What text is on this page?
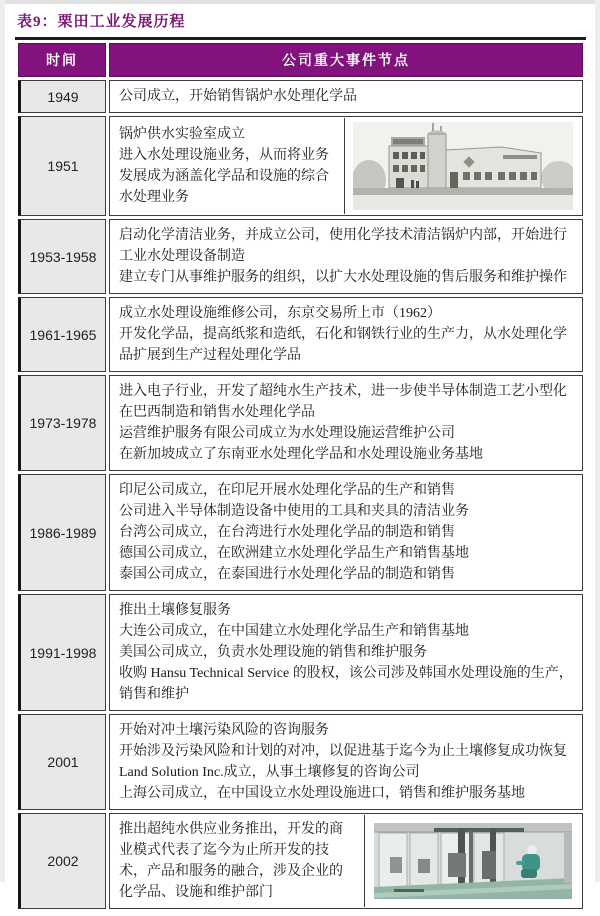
表9：栗田工业发展历程
时间	公司重大事件节点
1949	公司成立，开始销售锅炉水处理化学品

1951	锅炉供水实验室成立
进入水处理设施业务，从而将业务发展成为涵盖化学品和设施的综合水处理业务

1953-1958	启动化学清洁业务，并成立公司，使用化学技术清洁锅炉内部，开始进行工业水处理设备制造
建立专门从事维护服务的组织，以扩大水处理设施的售后服务和维护操作

1961-1965	成立水处理设施维修公司，东京交易所上市（1962）
开发化学品，提高纸浆和造纸，石化和钢铁行业的生产力，从水处理化学品扩展到生产过程处理化学品

1973-1978	进入电子行业，开发了超纯水生产技术，进一步使半导体制造工艺小型化
在巴西制造和销售水处理化学品
运营维护服务有限公司成立为水处理设施运营维护公司
在新加坡成立了东南亚水处理化学品和水处理设施业务基地

1986-1989	印尼公司成立，在印尼开展水处理化学品的生产和销售
公司进入半导体制造设备中使用的工具和夹具的清洁业务
台湾公司成立，在台湾进行水处理化学品的制造和销售
德国公司成立，在欧洲建立水处理化学品生产和销售基地
泰国公司成立，在泰国进行水处理化学品的制造和销售

1991-1998	推出土壤修复服务
大连公司成立，在中国建立水处理化学品生产和销售基地
美国公司成立，负责水处理设施的销售和维护服务
收购 Hansu Technical Service 的股权，该公司涉及韩国水处理设施的生产，销售和维护

2001	开始对冲土壤污染风险的咨询服务
开始涉及污染风险和计划的对冲，以促进基于迄今为止土壤修复成功恢复
Land Solution Inc.成立，从事土壤修复的咨询公司
上海公司成立，在中国设立水处理设施进口，销售和维护服务基地

2002	推出超纯水供应业务推出，开发的商业模式代表了迄今为止所开发的技术，产品和服务的融合，涉及企业的化学品、设施和维护部门
